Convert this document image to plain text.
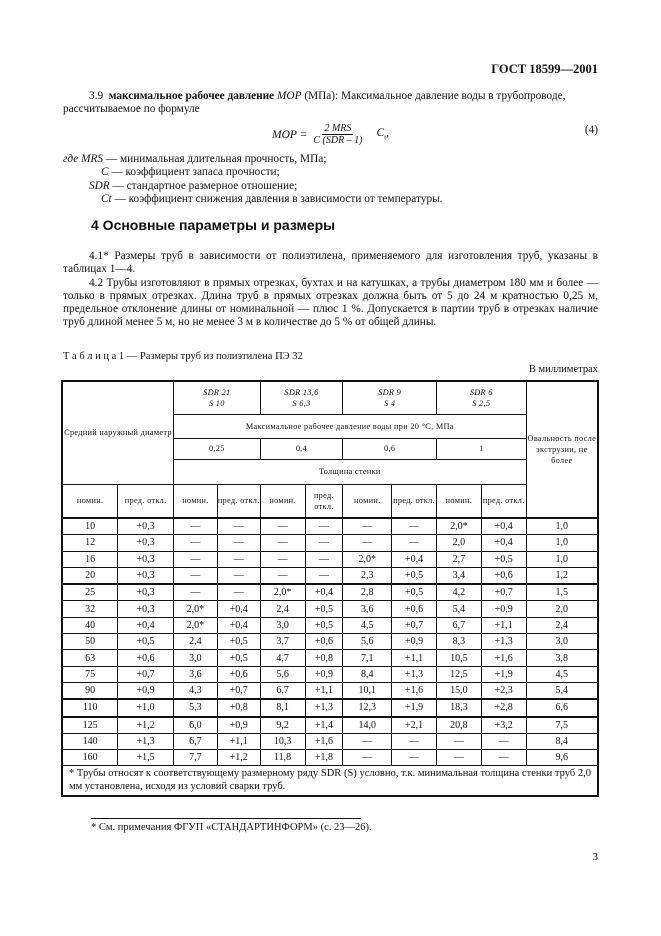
ГОСТ 18599—2001

3.9 максимальное рабочее давление MOP (МПа): Максимальное давление воды в трубопроводе,

рассчитываемое по формуле

MOP = $\frac{\text{2 MRS}}{\text{C (SDR – 1)}} C_t$,	(4)

где MRS — минимальная длительная прочность, МПа;

C — коэффициент запаса прочности;

SDR — стандартное размерное отношение;

Ct — коэффициент снижения давления в зависимости от температуры.

4 Основные параметры и размеры

4.1* Размеры труб в зависимости от полиэтилена, применяемого для изготовления труб, указаны в таблицах 1—4.

4.2 Трубы изготовляют в прямых отрезках, бухтах и на катушках, а трубы диаметром 180 мм и более — только в прямых отрезках. Длина труб в прямых отрезках должна быть от 5 до 24 м кратностью 0,25 м, предельное отклонение длины от номинальной — плюс 1 %. Допускается в партии труб в отрезках наличие труб длиной менее 5 м, но не менее 3 м в количестве до 5 % от общей длины.

Т а б л и ц а 1 — Размеры труб из полиэтилена ПЭ 32
В миллиметрах
Средний наружный диаметр		SDR 21
S 10		SDR 13,6
S 6,3		SDR 9
S 4		SDR 6
S 2,5		Овальность после экструзии, не более
		Максимальное рабочее давление воды при 20 °С, МПа								
		0,25		0,4		0,6		1		
		Толщина стенки								
номин.	пред. откл.	номин.	пред. откл.	номин.	пред. откл.	номин.	пред. откл.	номин.	пред. откл.	
10	+0,3	—	—	—	—	—	—	2,0*	+0,4	1,0
12	+0,3	—	—	—	—	—	—	2,0	+0,4	1,0
16	+0,3	—	—	—	—	2,0*	+0,4	2,7	+0,5	1,0
20	+0,3	—	—	—	—	2,3	+0,5	3,4	+0,6	1,2
25	+0,3	—	—	2,0*	+0,4	2,8	+0,5	4,2	+0,7	1,5
32	+0,3	2,0*	+0,4	2,4	+0,5	3,6	+0,6	5,4	+0,9	2,0
40	+0,4	2,0*	+0,4	3,0	+0,5	4,5	+0,7	6,7	+1,1	2,4
50	+0,5	2,4	+0,5	3,7	+0,6	5,6	+0,9	8,3	+1,3	3,0
63	+0,6	3,0	+0,5	4,7	+0,8	7,1	+1,1	10,5	+1,6	3,8
75	+0,7	3,6	+0,6	5,6	+0,9	8,4	+1,3	12,5	+1,9	4,5
90	+0,9	4,3	+0,7	6,7	+1,1	10,1	+1,6	15,0	+2,3	5,4
110	+1,0	5,3	+0,8	8,1	+1,3	12,3	+1,9	18,3	+2,8	6,6
125	+1,2	6,0	+0,9	9,2	+1,4	14,0	+2,1	20,8	+3,2	7,5
140	+1,3	6,7	+1,1	10,3	+1,6	—	—	—	—	8,4
160	+1,5	7,7	+1,2	11,8	+1,8	—	—	—	—	9,6
* Трубы относят к соответствующему размерному ряду SDR (S) условно, т.к. минимальная толщина стенки труб 2,0 мм установлена, исходя из условий сварки труб.										
* См. примечания ФГУП «СТАНДАРТИНФОРМ» (с. 23—26).
3
